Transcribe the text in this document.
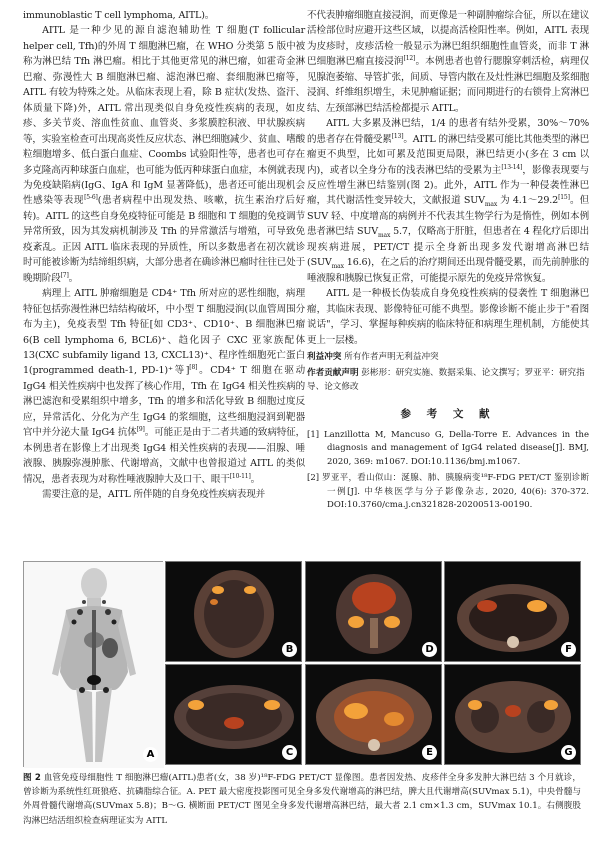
immunoblastic T cell lymphoma, AITL)。

AITL 是一种少见的源自滤泡辅助性 T 细胞(T follicular helper cell, Tfh)的外周 T 细胞淋巴瘤，在 WHO 分类第 5 版中被称为淋巴结 Tfh 淋巴瘤。相比于其他更常见的淋巴瘤，如霍奇金淋巴瘤、弥漫性大 B 细胞淋巴瘤、滤泡淋巴瘤、套细胞淋巴瘤等，AITL 有较为特殊之处。从临床表现上看，除 B 症状(发热、盗汗、体质量下降)外，AITL 常出现类似自身免疫性疾病的表现，如皮疹、多关节炎、溶血性贫血、血管炎、多浆膜腔积液、甲状腺疾病等，实验室检查可出现高炎性反应状态、淋巴细胞减少、贫血、嗜酸粒细胞增多、低白蛋白血症、Coombs 试验阳性等，患者也可存在多克隆高丙种球蛋白血症，也可能为低丙种球蛋白血症，本例就表现为免疫缺陷病(IgG、IgA 和 IgM 显著降低)，患者还可能出现机会性感染等表现[5-6](患者病程中出现发热、咳嗽，抗生素治疗后好转)。AITL 的这些自身免疫特征可能是 B 细胞和 T 细胞的免疫调节异常所致，因为其发病机制涉及 Tfh 的异常激活与增殖，可导致免疫紊乱。正因 AITL 临床表现的异质性，所以多数患者在初次就诊时可能被诊断为结缔组织病，大部分患者在确诊淋巴瘤时往往已处于晚期阶段[7]。

病理上 AITL 肿瘤细胞是 CD4⁺ Tfh 所对应的恶性细胞，病理特征包括弥漫性淋巴结结构破坏，中小型 T 细胞浸润(以血管周围分布为主)，免疫表型 Tfh 特征[如 CD3⁺、CD10⁺、B 细胞淋巴瘤 6(B cell lymphoma 6, BCL6)⁺、趋化因子 CXC 亚家族配体 13(CXC subfamily ligand 13, CXCL13)⁺、程序性细胞死亡蛋白 1(programmed death-1, PD-1)⁺等][8]。CD4⁺ T 细胞在驱动 IgG4 相关性疾病中也发挥了核心作用，Tfh 在 IgG4 相关性疾病的淋巴滤泡和受累组织中增多，Tfh 的增多和活化导致 B 细胞过度反应，异常活化、分化为产生 IgG4 的浆细胞，这些细胞浸润到靶器官中并分泌大量 IgG4 抗体[9]。可能正是由于二者共通的致病特征，本例患者在影像上才出现类 IgG4 相关性疾病的表现——泪腺、唾液腺、胰腺弥漫肿胀、代谢增高，文献中也曾报道过 AITL 的类似情况，患者表现为对称性唾液腺肿大及口干、眼干[10-11]。

需要注意的是，AITL 所伴随的自身免疫性疾病表现并

不代表肿瘤细胞直接浸润，而更像是一种副肿瘤综合征，所以在建议活检部位时应避开这些区域，以提高活检阳性率。例如，AITL 表现为皮疹时，皮疹活检一般显示为淋巴组织细胞性血管炎，而非 T 淋巴细胞淋巴瘤直接浸润[12]。本例患者也曾行腮腺穿刺活检，病理仅见腺泡萎缩、导管扩张，间质、导管内散在及灶性淋巴细胞及浆细胞浸润、纤维组织增生，未见肿瘤证据；而同期进行的右锁骨上窝淋巴结、左颈部淋巴结活检都提示 AITL。

AITL 大多累及淋巴结，1/4 的患者有结外受累，30%～70%的患者存在骨髓受累[13]。AITL 的淋巴结受累可能比其他类型的淋巴瘤更不典型，比如可累及范围更局限，淋巴结更小(多在 3 cm 以内)，或者以全身分布的浅表淋巴结的受累为主[13-14]，影像表现要与反应性增生淋巴结鉴别(图 2)。此外，AITL 作为一种侵袭性淋巴瘤，其代谢活性变异较大，文献报道 $SUV_{max}$ 为 4.1～29.2[15]。但 SUV 轻、中度增高的病例并不代表其生物学行为是惰性，例如本例患者淋巴结 $SUV_{max}$ 5.7，仅略高于肝脏，但患者在 4 程化疗后即出现疾病进展，PET/CT 提示全身新出现多发代谢增高淋巴结($SUV_{max}$ 16.6)，在之后的治疗期间还出现骨髓受累，而先前肿胀的唾液腺和胰腺已恢复正常，可能提示原先的免疫异常恢复。

AITL 是一种极长伪装成自身免疫性疾病的侵袭性 T 细胞淋巴瘤，其临床表现、影像特征可能不典型。影像诊断不能止步于"看图说话"，学习、掌握每种疾病的临床特征和病理生理机制，方能使其更上一层楼。

利益冲突 所有作者声明无利益冲突

作者贡献声明 彭彬形：研究实施、数据采集、论文撰写；罗亚平：研究指导、论文修改

参 考 文 献

[1] Lanzillotta M, Mancuso G, Della-Torre E. Advances in the diagnosis and management of IgG4 related disease[J]. BMJ, 2020, 369: m1067. DOI:10.1136/bmj.m1067.

[2] 罗亚平，看山似山：涎腺、肺、胰腺病变¹⁸F-FDG PET/CT 鉴别诊断一例[J]. 中华核医学与分子影像杂志, 2020, 40(6): 370-372. DOI:10.3760/cma.j.cn321828-20200513-00190.

A
B	D	F
C	E	G
图 2 血管免疫母细胞性 T 细胞淋巴瘤(AITL)患者(女，38 岁)¹⁸F-FDG PET/CT 显像图。患者因发热、皮疹伴全身多发肿大淋巴结 3 个月就诊，曾诊断为系统性红斑狼疮、抗磷脂综合征。A. PET 最大密度投影图可见全身多发代谢增高的淋巴结，脾大且代谢增高(SUVmax 5.1)，中央骨髓与外周骨髓代谢增高(SUVmax 5.8)；B～G. 横断面 PET/CT 图见全身多发代谢增高淋巴结，最大者 2.1 cm×1.3 cm，SUVmax 10.1。右侧腹股沟淋巴结活组织检查病理证实为 AITL
